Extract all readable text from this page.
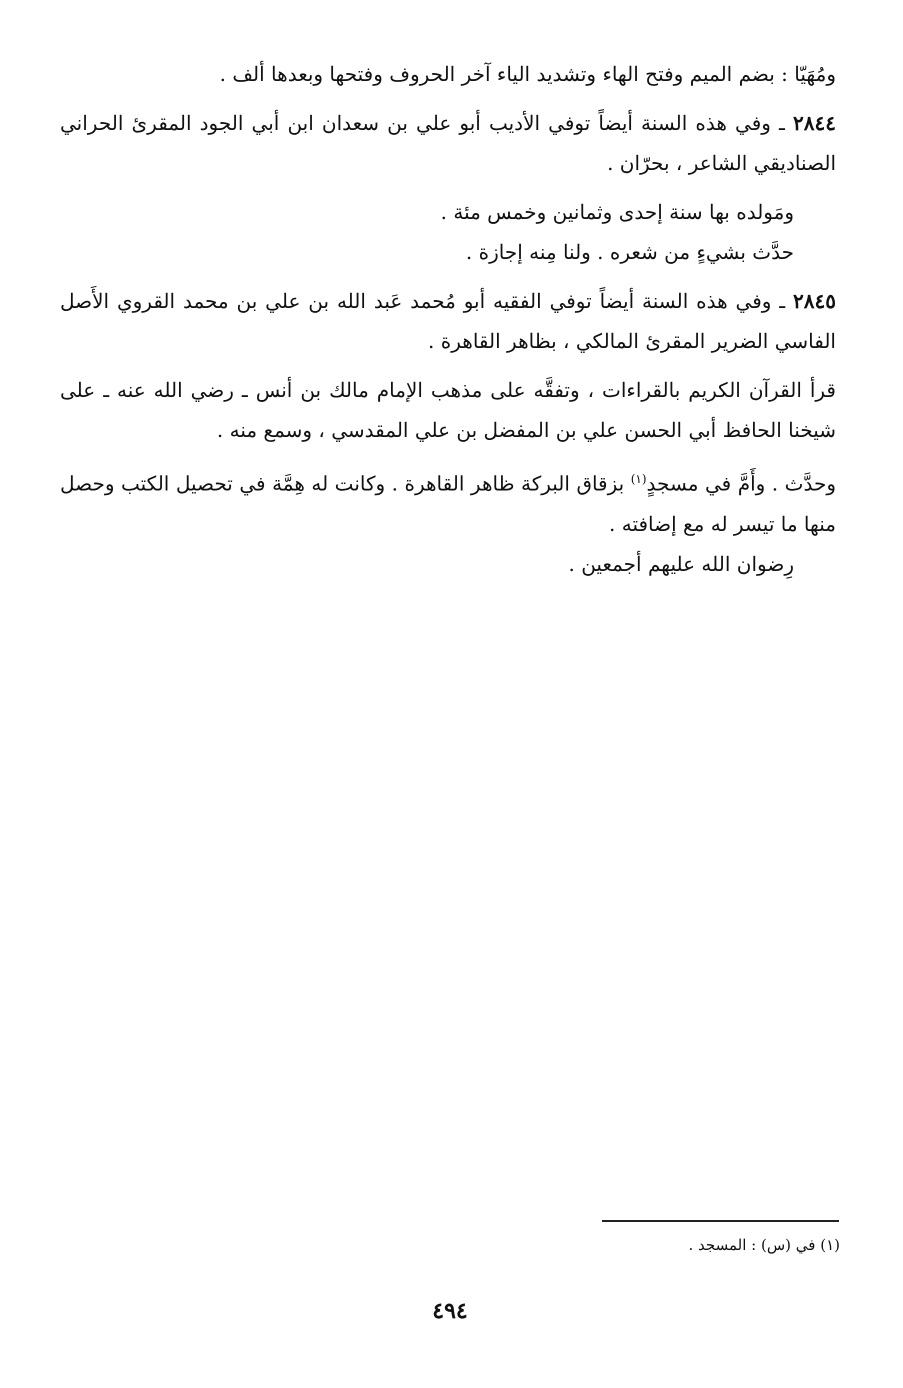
ومُهَيّا : بضم الميم وفتح الهاء وتشديد الياء آخر الحروف وفتحها وبعدها ألف .

٢٨٤٤ ـ وفي هذه السنة أيضاً توفي الأديب أبو علي بن سعدان ابن أبي الجود المقرئ الحراني الصناديقي الشاعر ، بحرّان .

ومَولده بها سنة إحدى وثمانين وخمس مئة .

حدَّث بشيءٍ من شعره . ولنا مِنه إجازة .

٢٨٤٥ ـ وفي هذه السنة أيضاً توفي الفقيه أبو مُحمد عَبد الله بن علي بن محمد القروي الأَصل الفاسي الضرير المقرئ المالكي ، بظاهر القاهرة .

قرأ القرآن الكريم بالقراءات ، وتفقَّه على مذهب الإمام مالك بن أنس ـ رضي الله عنه ـ على شيخنا الحافظ أبي الحسن علي بن المفضل بن علي المقدسي ، وسمع منه .

وحدَّث . وأَمَّ في مسجدٍ$^{(١)}$ بزقاق البركة ظاهر القاهرة . وكانت له هِمَّة في تحصيل الكتب وحصل منها ما تيسر له مع إضافته .

رِضوان الله عليهم أجمعين .

(١) في (س) : المسجد .
٤٩٤
